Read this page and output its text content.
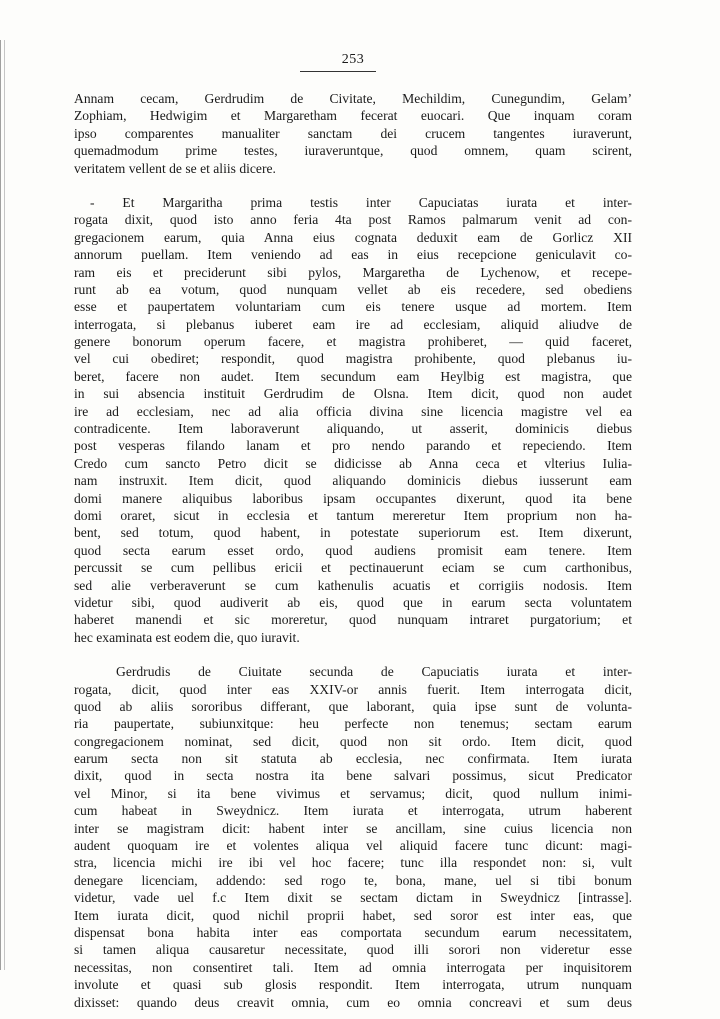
253
Annam cecam, Gerdrudim de Civitate, Mechildim, Cunegundim, Gelam’
Zophiam, Hedwigim et Margaretham fecerat euocari. Que inquam coram
ipso comparentes manualiter sanctam dei crucem tangentes iuraverunt,
quemadmodum prime testes, iuraveruntque, quod omnem, quam scirent,
veritatem vellent de se et aliis dicere.
- Et Margaritha prima testis inter Capuciatas iurata et inter-
rogata dixit, quod isto anno feria 4ta post Ramos palmarum venit ad con-
gregacionem earum, quia Anna eius cognata deduxit eam de Gorlicz XII
annorum puellam. Item veniendo ad eas in eius recepcione geniculavit co-
ram eis et preciderunt sibi pylos, Margaretha de Lychenow, et recepe-
runt ab ea votum, quod nunquam vellet ab eis recedere, sed obediens
esse et paupertatem voluntariam cum eis tenere usque ad mortem. Item
interrogata, si plebanus iuberet eam ire ad ecclesiam, aliquid aliudve de
genere bonorum operum facere, et magistra prohiberet, — quid faceret,
vel cui obediret; respondit, quod magistra prohibente, quod plebanus iu-
beret, facere non audet. Item secundum eam Heylbig est magistra, que
in sui absencia instituit Gerdrudim de Olsna. Item dicit, quod non audet
ire ad ecclesiam, nec ad alia officia divina sine licencia magistre vel ea
contradicente. Item laboraverunt aliquando, ut asserit, dominicis diebus
post vesperas filando lanam et pro nendo parando et repeciendo. Item
Credo cum sancto Petro dicit se didicisse ab Anna ceca et vlterius Iulia-
nam instruxit. Item dicit, quod aliquando dominicis diebus iusserunt eam
domi manere aliquibus laboribus ipsam occupantes dixerunt, quod ita bene
domi oraret, sicut in ecclesia et tantum mereretur Item proprium non ha-
bent, sed totum, quod habent, in potestate superiorum est. Item dixerunt,
quod secta earum esset ordo, quod audiens promisit eam tenere. Item
percussit se cum pellibus ericii et pectinauerunt eciam se cum carthonibus,
sed alie verberaverunt se cum kathenulis acuatis et corrigiis nodosis. Item
videtur sibi, quod audiverit ab eis, quod que in earum secta voluntatem
haberet manendi et sic moreretur, quod nunquam intraret purgatorium; et
hec examinata est eodem die, quo iuravit.
Gerdrudis de Ciuitate secunda de Capuciatis iurata et inter-
rogata, dicit, quod inter eas XXIV-or annis fuerit. Item interrogata dicit,
quod ab aliis sororibus differant, que laborant, quia ipse sunt de volunta-
ria paupertate, subiunxitque: heu perfecte non tenemus; sectam earum
congregacionem nominat, sed dicit, quod non sit ordo. Item dicit, quod
earum secta non sit statuta ab ecclesia, nec confirmata. Item iurata
dixit, quod in secta nostra ita bene salvari possimus, sicut Predicator
vel Minor, si ita bene vivimus et servamus; dicit, quod nullum inimi-
cum habeat in Sweydnicz. Item iurata et interrogata, utrum haberent
inter se magistram dicit: habent inter se ancillam, sine cuius licencia non
audent quoquam ire et volentes aliqua vel aliquid facere tunc dicunt: magi-
stra, licencia michi ire ibi vel hoc facere; tunc illa respondet non: si, vult
denegare licenciam, addendo: sed rogo te, bona, mane, uel si tibi bonum
videtur, vade uel f.c Item dixit se sectam dictam in Sweydnicz [intrasse].
Item iurata dicit, quod nichil proprii habet, sed soror est inter eas, que
dispensat bona habita inter eas comportata secundum earum necessitatem,
si tamen aliqua causaretur necessitate, quod illi sorori non videretur esse
necessitas, non consentiret tali. Item ad omnia interrogata per inquisitorem
involute et quasi sub glosis respondit. Item interrogata, utrum nunquam
dixisset: quando deus creavit omnia, cum eo omnia concreavi et sum deus
